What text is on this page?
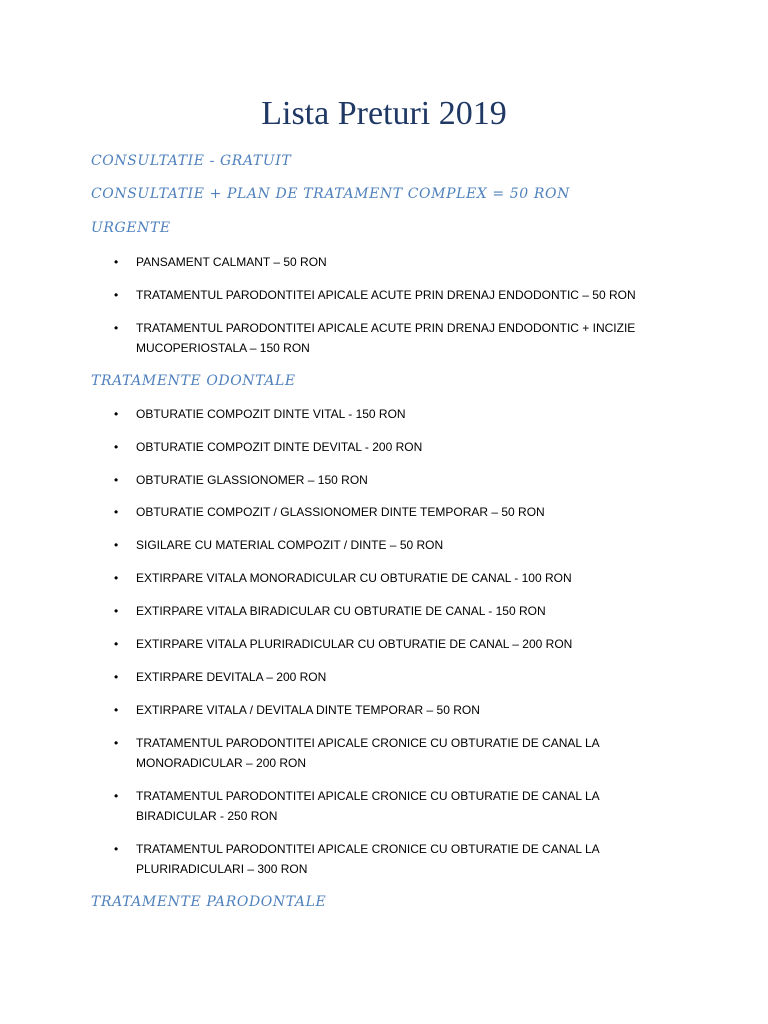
Lista Preturi 2019

CONSULTATIE - GRATUIT

CONSULTATIE + PLAN DE TRATAMENT COMPLEX = 50 RON

URGENTE

• PANSAMENT CALMANT – 50 RON
• TRATAMENTUL PARODONTITEI APICALE ACUTE PRIN DRENAJ ENDODONTIC – 50 RON
• TRATAMENTUL PARODONTITEI APICALE ACUTE PRIN DRENAJ ENDODONTIC + INCIZIE MUCOPERIOSTALA – 150 RON

TRATAMENTE ODONTALE

• OBTURATIE COMPOZIT DINTE VITAL - 150 RON
• OBTURATIE COMPOZIT DINTE DEVITAL - 200 RON
• OBTURATIE GLASSIONOMER – 150 RON
• OBTURATIE COMPOZIT / GLASSIONOMER DINTE TEMPORAR – 50 RON
• SIGILARE CU MATERIAL COMPOZIT / DINTE – 50 RON
• EXTIRPARE VITALA MONORADICULAR CU OBTURATIE DE CANAL - 100 RON
• EXTIRPARE VITALA BIRADICULAR CU OBTURATIE DE CANAL - 150 RON
• EXTIRPARE VITALA PLURIRADICULAR CU OBTURATIE DE CANAL – 200 RON
• EXTIRPARE DEVITALA – 200 RON
• EXTIRPARE VITALA / DEVITALA DINTE TEMPORAR – 50 RON
• TRATAMENTUL PARODONTITEI APICALE CRONICE CU OBTURATIE DE CANAL LA MONORADICULAR – 200 RON
• TRATAMENTUL PARODONTITEI APICALE CRONICE CU OBTURATIE DE CANAL LA BIRADICULAR - 250 RON
• TRATAMENTUL PARODONTITEI APICALE CRONICE CU OBTURATIE DE CANAL LA PLURIRADICULARI – 300 RON

TRATAMENTE PARODONTALE
